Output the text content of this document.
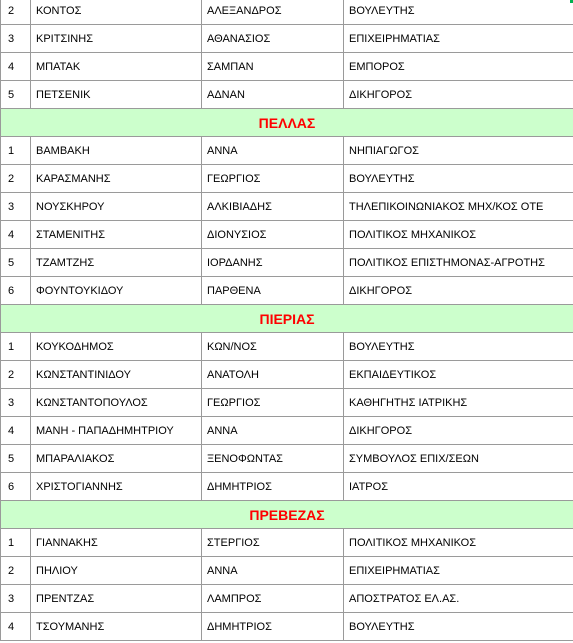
2	ΚΟΝΤΟΣ	ΑΛΕΞΑΝΔΡΟΣ	ΒΟΥΛΕΥΤΗΣ
3	ΚΡΙΤΣΙΝΗΣ	ΑΘΑΝΑΣΙΟΣ	ΕΠΙΧΕΙΡΗΜΑΤΙΑΣ
4	ΜΠΑΤΑΚ	ΣΑΜΠΑΝ	ΕΜΠΟΡΟΣ
5	ΠΕΤΣΕΝΙΚ	ΑΔΝΑΝ	ΔΙΚΗΓΟΡΟΣ
ΠΕΛΛΑΣ			
1	ΒΑΜΒΑΚΗ	ΑΝΝΑ	ΝΗΠΙΑΓΩΓΟΣ
2	ΚΑΡΑΣΜΑΝΗΣ	ΓΕΩΡΓΙΟΣ	ΒΟΥΛΕΥΤΗΣ
3	ΝΟΥΣΚΗΡΟΥ	ΑΛΚΙΒΙΑΔΗΣ	ΤΗΛΕΠΙΚΟΙΝΩΝΙΑΚΟΣ ΜΗΧ/ΚΟΣ ΟΤΕ
4	ΣΤΑΜΕΝΙΤΗΣ	ΔΙΟΝΥΣΙΟΣ	ΠΟΛΙΤΙΚΟΣ ΜΗΧΑΝΙΚΟΣ
5	ΤΖΑΜΤΖΗΣ	ΙΟΡΔΑΝΗΣ	ΠΟΛΙΤΙΚΟΣ ΕΠΙΣΤΗΜΟΝΑΣ-ΑΓΡΟΤΗΣ
6	ΦΟΥΝΤΟΥΚΙΔΟΥ	ΠΑΡΘΕΝΑ	ΔΙΚΗΓΟΡΟΣ
ΠΙΕΡΙΑΣ			
1	ΚΟΥΚΟΔΗΜΟΣ	ΚΩΝ/ΝΟΣ	ΒΟΥΛΕΥΤΗΣ
2	ΚΩΝΣΤΑΝΤΙΝΙΔΟΥ	ΑΝΑΤΟΛΗ	ΕΚΠΑΙΔΕΥΤΙΚΟΣ
3	ΚΩΝΣΤΑΝΤΟΠΟΥΛΟΣ	ΓΕΩΡΓΙΟΣ	ΚΑΘΗΓΗΤΗΣ ΙΑΤΡΙΚΗΣ
4	ΜΑΝΗ - ΠΑΠΑΔΗΜΗΤΡΙΟΥ	ΑΝΝΑ	ΔΙΚΗΓΟΡΟΣ
5	ΜΠΑΡΑΛΙΑΚΟΣ	ΞΕΝΟΦΩΝΤΑΣ	ΣΥΜΒΟΥΛΟΣ ΕΠΙΧ/ΣΕΩΝ
6	ΧΡΙΣΤΟΓΙΑΝΝΗΣ	ΔΗΜΗΤΡΙΟΣ	ΙΑΤΡΟΣ
ΠΡΕΒΕΖΑΣ			
1	ΓΙΑΝΝΑΚΗΣ	ΣΤΕΡΓΙΟΣ	ΠΟΛΙΤΙΚΟΣ ΜΗΧΑΝΙΚΟΣ
2	ΠΗΛΙΟΥ	ΑΝΝΑ	ΕΠΙΧΕΙΡΗΜΑΤΙΑΣ
3	ΠΡΕΝΤΖΑΣ	ΛΑΜΠΡΟΣ	ΑΠΟΣΤΡΑΤΟΣ ΕΛ.ΑΣ.
4	ΤΣΟΥΜΑΝΗΣ	ΔΗΜΗΤΡΙΟΣ	ΒΟΥΛΕΥΤΗΣ
